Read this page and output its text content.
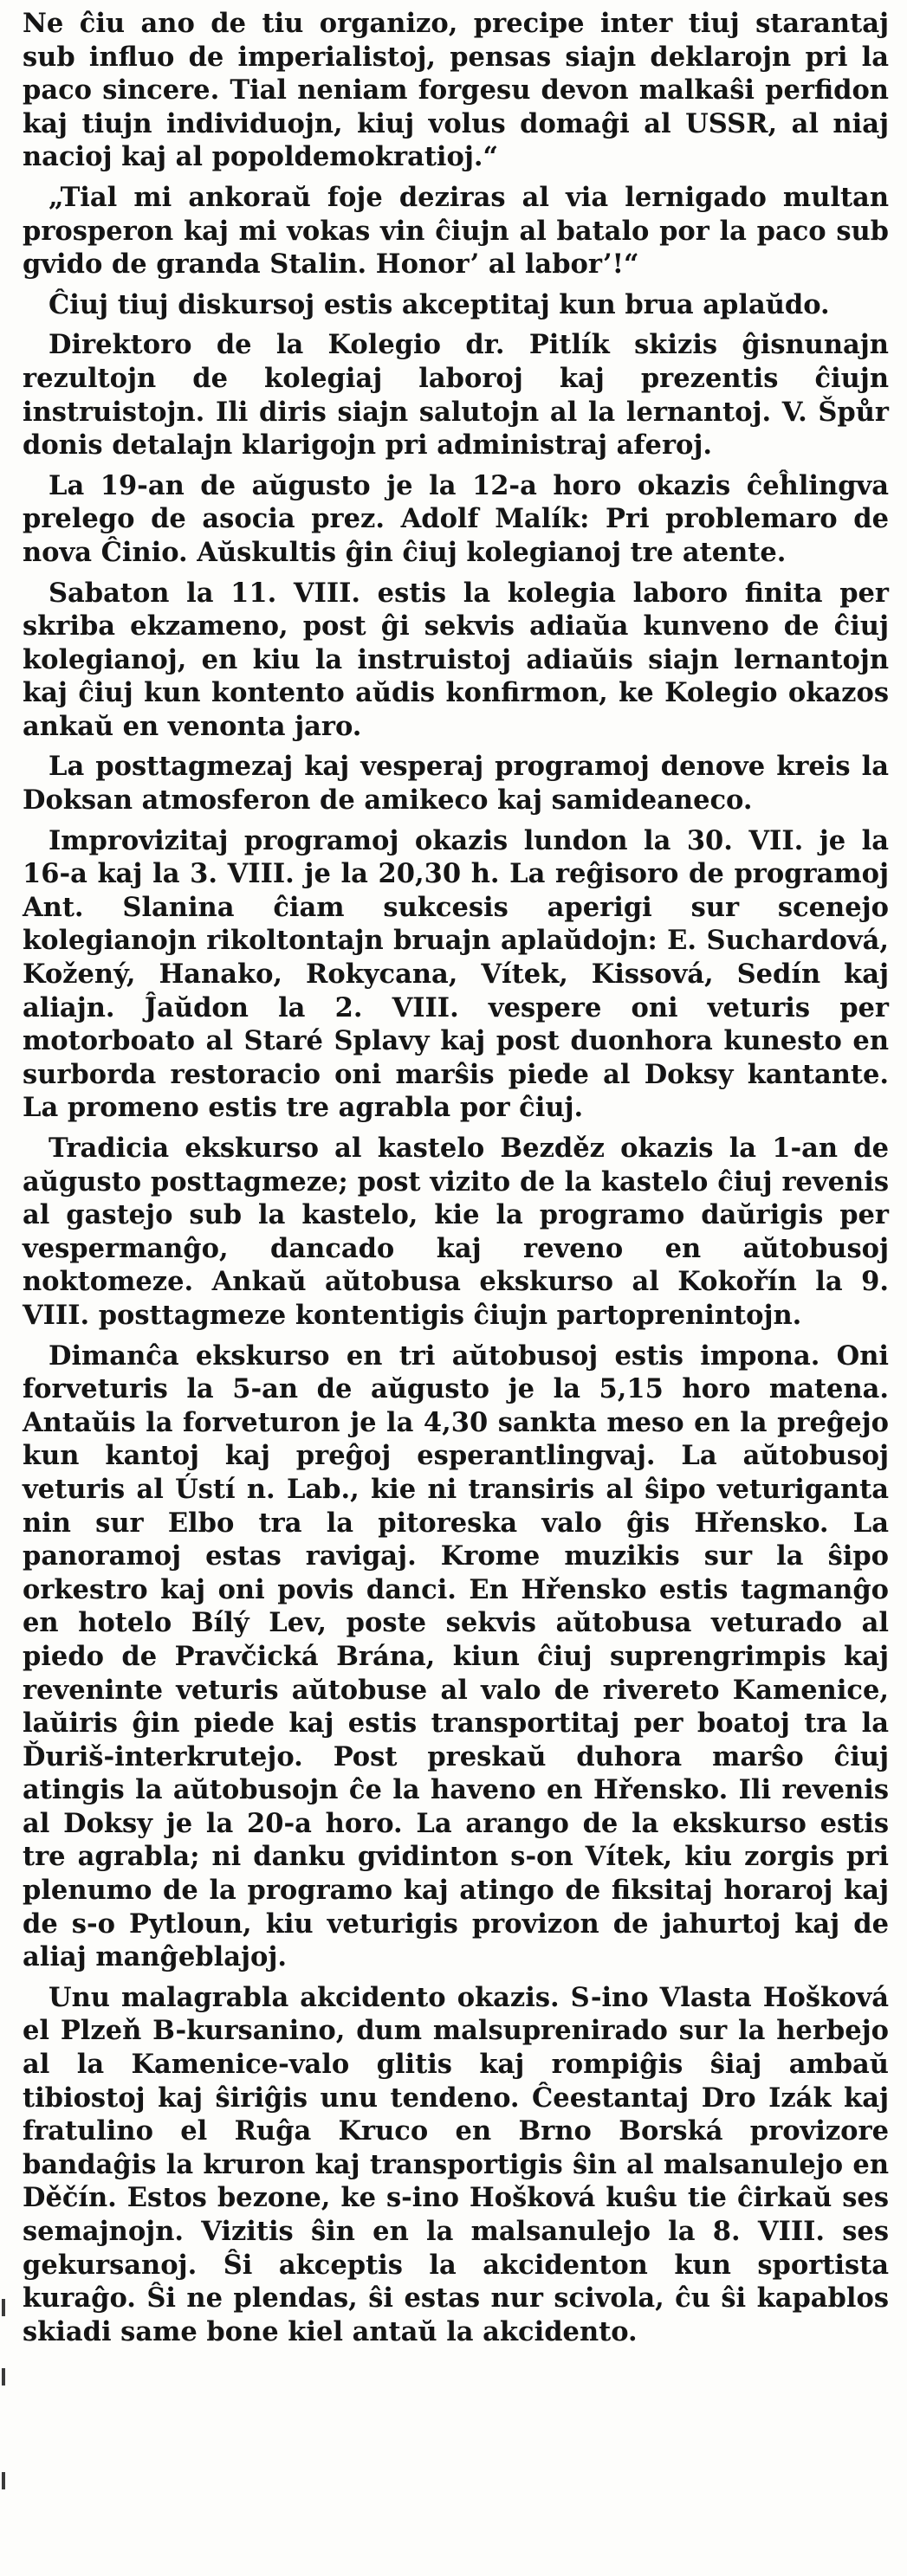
Ne ĉiu ano de tiu organizo, precipe inter tiuj starantaj sub influo de imperialistoj, pensas siajn deklarojn pri la paco sincere. Tial neniam forgesu devon malkaŝi perfidon kaj tiujn individuojn, kiuj volus domaĝi al USSR, al niaj nacioj kaj al popoldemokratioj.“

„Tial mi ankoraŭ foje deziras al via lernigado multan prosperon kaj mi vokas vin ĉiujn al batalo por la paco sub gvido de granda Stalin. Honor’ al labor’!“

Ĉiuj tiuj diskursoj estis akceptitaj kun brua aplaŭdo.

Direktoro de la Kolegio dr. Pitlík skizis ĝisnunajn rezultojn de kolegiaj laboroj kaj prezentis ĉiujn instruistojn. Ili diris siajn salutojn al la lernantoj. V. Špůr donis detalajn klarigojn pri administraj aferoj.

La 19-an de aŭgusto je la 12-a horo okazis ĉeĥlingva prelego de asocia prez. Adolf Malík: Pri problemaro de nova Ĉinio. Aŭskultis ĝin ĉiuj kolegianoj tre atente.

Sabaton la 11. VIII. estis la kolegia laboro finita per skriba ekzameno, post ĝi sekvis adiaŭa kunveno de ĉiuj kolegianoj, en kiu la instruistoj adiaŭis siajn lernantojn kaj ĉiuj kun kontento aŭdis konfirmon, ke Kolegio okazos ankaŭ en venonta jaro.

La posttagmezaj kaj vesperaj programoj denove kreis la Doksan atmosferon de amikeco kaj samideaneco.

Improvizitaj programoj okazis lundon la 30. VII. je la 16-a kaj la 3. VIII. je la 20,30 h. La reĝisoro de programoj Ant. Slanina ĉiam sukcesis aperigi sur scenejo kolegianojn rikoltontajn bruajn aplaŭdojn: E. Suchardová, Kožený, Hanako, Rokycana, Vítek, Kissová, Sedín kaj aliajn. Ĵaŭdon la 2. VIII. vespere oni veturis per motorboato al Staré Splavy kaj post duonhora kunesto en surborda restoracio oni marŝis piede al Doksy kantante. La promeno estis tre agrabla por ĉiuj.

Tradicia ekskurso al kastelo Bezděz okazis la 1-an de aŭgusto posttagmeze; post vizito de la kastelo ĉiuj revenis al gastejo sub la kastelo, kie la programo daŭrigis per vespermanĝo, dancado kaj reveno en aŭtobusoj noktomeze. Ankaŭ aŭtobusa ekskurso al Kokořín la 9. VIII. posttagmeze kontentigis ĉiujn partoprenintojn.

Dimanĉa ekskurso en tri aŭtobusoj estis impona. Oni forveturis la 5-an de aŭgusto je la 5,15 horo matena. Antaŭis la forveturon je la 4,30 sankta meso en la preĝejo kun kantoj kaj preĝoj esperantlingvaj. La aŭtobusoj veturis al Ústí n. Lab., kie ni transiris al ŝipo veturiganta nin sur Elbo tra la pitoreska valo ĝis Hřensko. La panoramoj estas ravigaj. Krome muzikis sur la ŝipo orkestro kaj oni povis danci. En Hřensko estis tagmanĝo en hotelo Bílý Lev, poste sekvis aŭtobusa veturado al piedo de Pravčická Brána, kiun ĉiuj suprengrimpis kaj reveninte veturis aŭtobuse al valo de rivereto Kamenice, laŭiris ĝin piede kaj estis transportitaj per boatoj tra la Ďuriš-interkrutejo. Post preskaŭ duhora marŝo ĉiuj atingis la aŭtobusojn ĉe la haveno en Hřensko. Ili revenis al Doksy je la 20-a horo. La arango de la ekskurso estis tre agrabla; ni danku gvidinton s-on Vítek, kiu zorgis pri plenumo de la programo kaj atingo de fiksitaj horaroj kaj de s-o Pytloun, kiu veturigis provizon de jahurtoj kaj de aliaj manĝeblajoj.

Unu malagrabla akcidento okazis. S-ino Vlasta Hošková el Plzeň B-kursanino, dum malsuprenirado sur la herbejo al la Kamenice-valo glitis kaj rompiĝis ŝiaj ambaŭ tibiostoj kaj ŝiriĝis unu tendeno. Ĉeestantaj Dro Izák kaj fratulino el Ruĝa Kruco en Brno Borská provizore bandaĝis la kruron kaj transportigis ŝin al malsanulejo en Děčín. Estos bezone, ke s-ino Hošková kuŝu tie ĉirkaŭ ses semajnojn. Vizitis ŝin en la malsanulejo la 8. VIII. ses gekursanoj. Ŝi akceptis la akcidenton kun sportista kuraĝo. Ŝi ne plendas, ŝi estas nur scivola, ĉu ŝi kapablos skiadi same bone kiel antaŭ la akcidento.
